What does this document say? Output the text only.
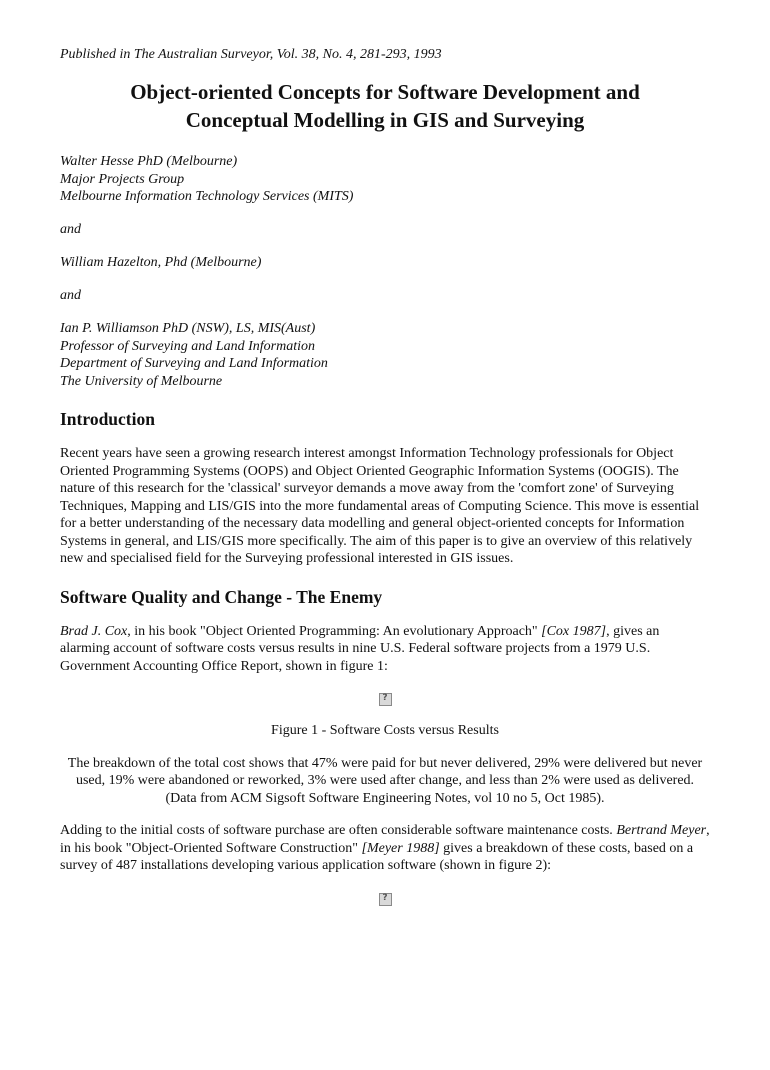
Published in The Australian Surveyor, Vol. 38, No. 4, 281-293, 1993
Object-oriented Concepts for Software Development and
Conceptual Modelling in GIS and Surveying
Walter Hesse PhD (Melbourne)
Major Projects Group
Melbourne Information Technology Services (MITS)
and
William Hazelton, Phd (Melbourne)
and
Ian P. Williamson PhD (NSW), LS, MIS(Aust)
Professor of Surveying and Land Information
Department of Surveying and Land Information
The University of Melbourne
Introduction

Recent years have seen a growing research interest amongst Information Technology professionals for Object Oriented Programming Systems (OOPS) and Object Oriented Geographic Information Systems (OOGIS). The nature of this research for the 'classical' surveyor demands a move away from the 'comfort zone' of Surveying Techniques, Mapping and LIS/GIS into the more fundamental areas of Computing Science. This move is essential for a better understanding of the necessary data modelling and general object-oriented concepts for Information Systems in general, and LIS/GIS more specifically. The aim of this paper is to give an overview of this relatively new and specialised field for the Surveying professional interested in GIS issues.

Software Quality and Change - The Enemy

Brad J. Cox, in his book "Object Oriented Programming: An evolutionary Approach" [Cox 1987], gives an alarming account of software costs versus results in nine U.S. Federal software projects from a 1979 U.S. Government Accounting Office Report, shown in figure 1:

?

Figure 1 - Software Costs versus Results

The breakdown of the total cost shows that 47% were paid for but never delivered, 29% were delivered but never used, 19% were abandoned or reworked, 3% were used after change, and less than 2% were used as delivered. (Data from ACM Sigsoft Software Engineering Notes, vol 10 no 5, Oct 1985).

Adding to the initial costs of software purchase are often considerable software maintenance costs. Bertrand Meyer, in his book "Object-Oriented Software Construction" [Meyer 1988] gives a breakdown of these costs, based on a survey of 487 installations developing various application software (shown in figure 2):

?
